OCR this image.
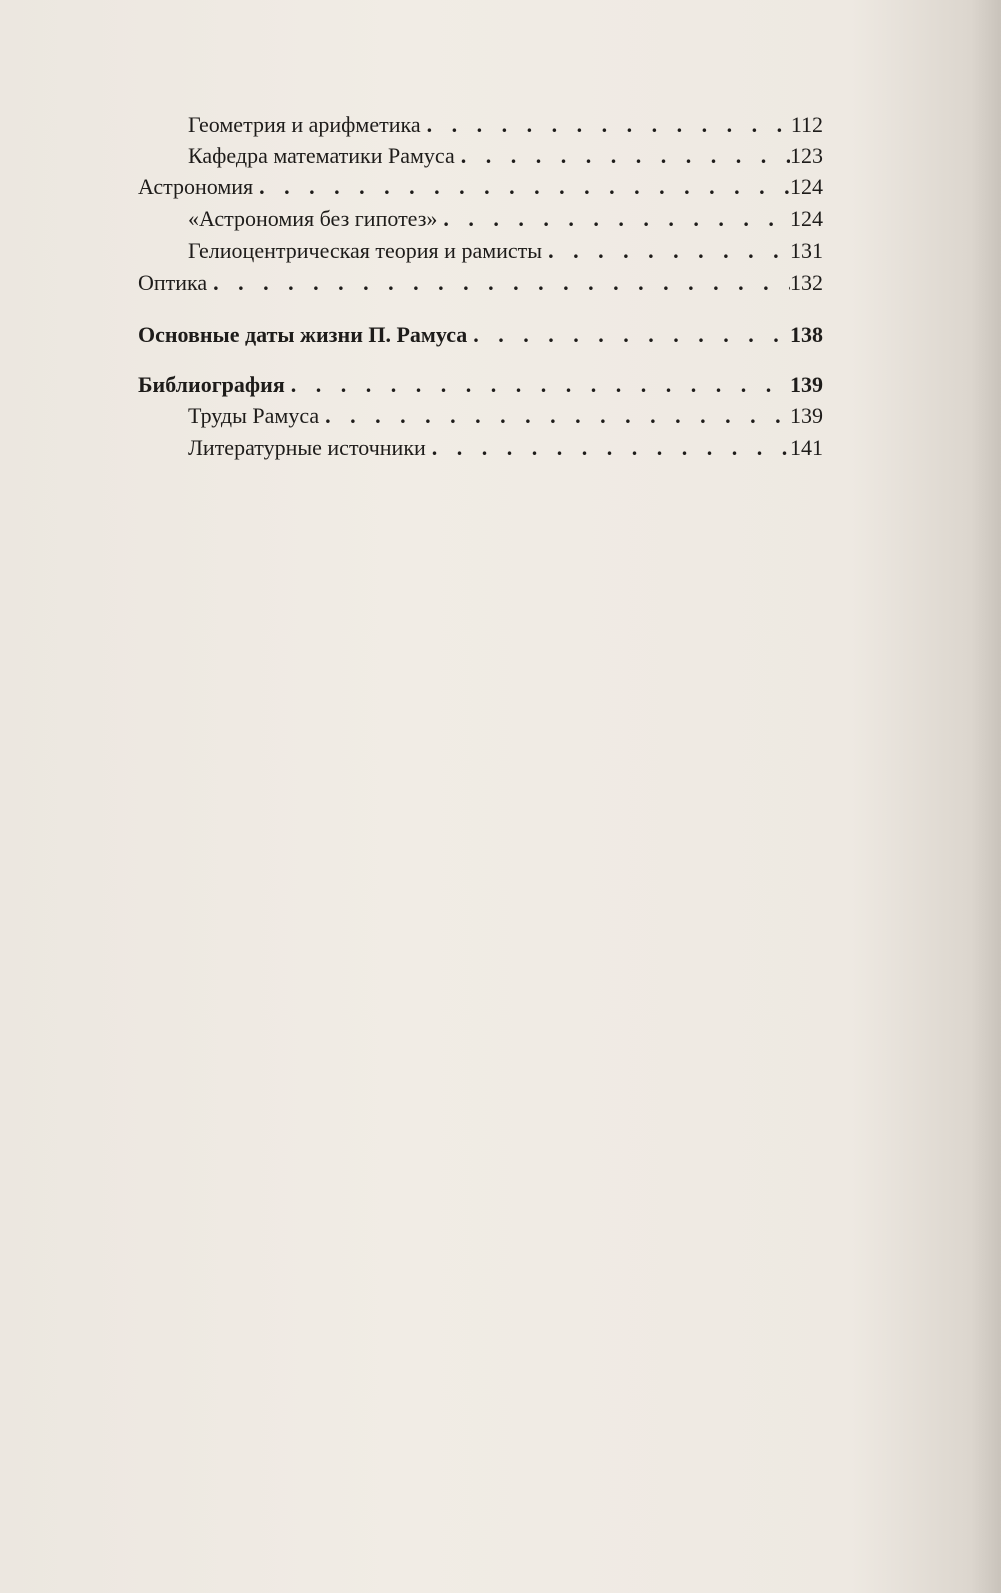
Геометрия и арифметика . . .	112
Кафедра математики Рамуса . . .	123
Астрономия . . .	124
«Астрономия без гипотез» . . .	124
Гелиоцентрическая теория и рамисты . . .	131
Оптика . . .	132
Основные даты жизни П. Рамуса . . .	138
Библиография . . .	139
Труды Рамуса . . .	139
Литературные источники . . .	141
